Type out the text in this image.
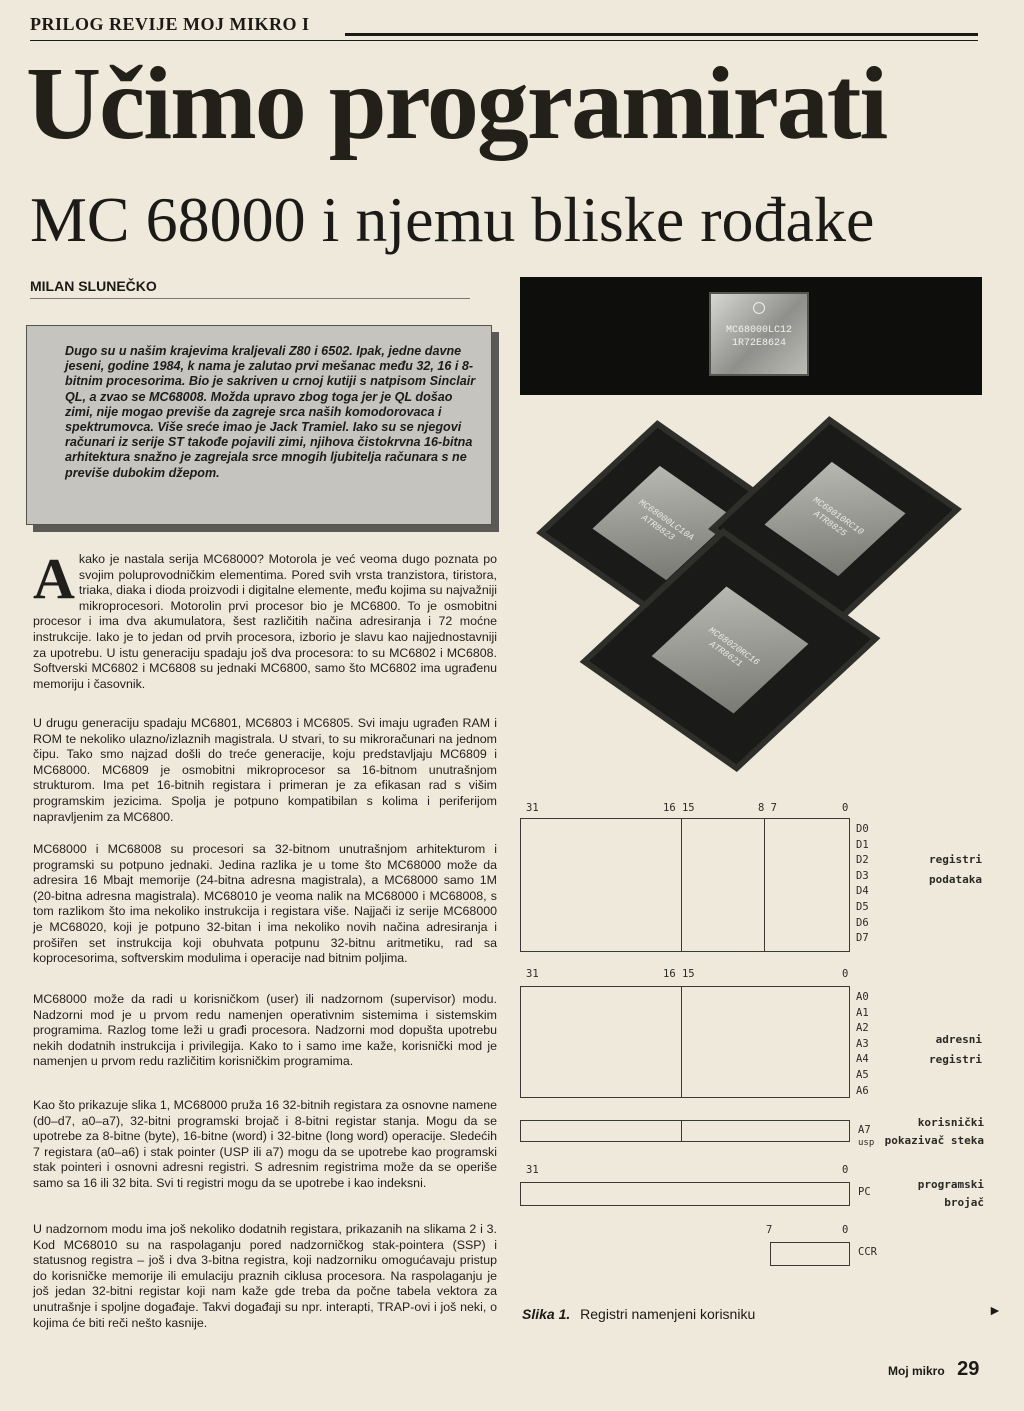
PRILOG REVIJE MOJ MIKRO I
Učimo programirati
MC 68000 i njemu bliske rođake
MILAN SLUNEČKO

Dugo su u našim krajevima kraljevali Z80 i 6502. Ipak, jedne davne jeseni, godine 1984, k nama je zalutao prvi mešanac među 32, 16 i 8-bitnim procesorima. Bio je sakriven u crnoj kutiji s natpisom Sinclair QL, a zvao se MC68008. Možda upravo zbog toga jer je QL došao zimi, nije mogao previše da zagreje srca naših komodorovaca i spektrumovca. Više sreće imao je Jack Tramiel. Iako su se njegovi računari iz serije ST takođe pojavili zimi, njihova čistokrvna 16-bitna arhitektura snažno je zagrejala srce mnogih ljubitelja računara s ne previše dubokim džepom.

Akako je nastala serija MC68000? Motorola je već veoma dugo poznata po svojim poluprovodničkim elementima. Pored svih vrsta tranzistora, tiristora, triaka, diaka i dioda proizvodi i digitalne elemente, među kojima su najvažniji mikroprocesori. Motorolin prvi procesor bio je MC6800. To je osmobitni procesor i ima dva akumulatora, šest različitih načina adresiranja i 72 moćne instrukcije. Iako je to jedan od prvih procesora, izborio je slavu kao najjednostavniji za upotrebu. U istu generaciju spadaju još dva procesora: to su MC6802 i MC6808. Softverski MC6802 i MC6808 su jednaki MC6800, samo što MC6802 ima ugrađenu memoriju i časovnik.

U drugu generaciju spadaju MC6801, MC6803 i MC6805. Svi imaju ugrađen RAM i ROM te nekoliko ulazno/izlaznih magistrala. U stvari, to su mikroračunari na jednom čipu. Tako smo najzad došli do treće generacije, koju predstavljaju MC6809 i MC68000. MC6809 je osmobitni mikroprocesor sa 16-bitnom unutrašnjom strukturom. Ima pet 16-bitnih registara i primeran je za efikasan rad s višim programskim jezicima. Spolja je potpuno kompatibilan s kolima i periferijom napravljenim za MC6800.

MC68000 i MC68008 su procesori sa 32-bitnom unutrašnjom arhitekturom i programski su potpuno jednaki. Jedina razlika je u tome što MC68000 može da adresira 16 Mbajt memorije (24-bitna adresna magistrala), a MC68000 samo 1M (20-bitna adresna magistrala). MC68010 je veoma nalik na MC68000 i MC68008, s tom razlikom što ima nekoliko instrukcija i registara više. Najjači iz serije MC68000 je MC68020, koji je potpuno 32-bitan i ima nekoliko novih načina adresiranja i prošiřen set instrukcija koji obuhvata potpunu 32-bitnu aritmetiku, rad sa koprocesorima, softverskim modulima i operacije nad bitnim poljima.

MC68000 može da radi u korisničkom (user) ili nadzornom (supervisor) modu. Nadzorni mod je u prvom redu namenjen operativnim sistemima i sistemskim programima. Razlog tome leži u građi procesora. Nadzorni mod dopušta upotrebu nekih dodatnih instrukcija i privilegija. Kako to i samo ime kaže, korisnički mod je namenjen u prvom redu različitim korisničkim programima.

Kao što prikazuje slika 1, MC68000 pruža 16 32-bitnih registara za osnovne namene (d0–d7, a0–a7), 32-bitni programski brojač i 8-bitni registar stanja. Mogu da se upotrebe za 8-bitne (byte), 16-bitne (word) i 32-bitne (long word) operacije. Sledećih 7 registara (a0–a6) i stak pointer (USP ili a7) mogu da se upotrebe kao programski stak pointeri i osnovni adresni registri. S adresnim registrima može da se operiše samo sa 16 ili 32 bita. Svi ti registri mogu da se upotrebe i kao indeksni.

U nadzornom modu ima još nekoliko dodatnih registara, prikazanih na slikama 2 i 3. Kod MC68010 su na raspolaganju pored nadzorničkog stak-pointera (SSP) i statusnog registra – još i dva 3-bitna registra, koji nadzorniku omogućavaju pristup do korisničke memorije ili emulaciju praznih ciklusa procesora. Na raspolaganju je još jedan 32-bitni registar koji nam kaže gde treba da počne tabela vektora za unutrašnje i spoljne događaje. Takvi događaji su npr. interapti, TRAP-ovi i još neki, o kojima će biti reči nešto kasnije.

MC68000LC12
1R72E8624
MC68000LC10A
ATR8823	MC68010RC10
ATR8825
MC68020RC16
ATR8621
31	16 15	8 7	0
D0
D1
D2
D3
D4
D5
D6
D7
registri
podataka
31	16 15	0
A0
A1
A2
A3
A4
A5
A6
adresni
registri
A7
usp
korisnički
pokazivač steka
31	0
PC
programski
brojač
7	0
CCR
Slika 1. Registri namenjeni korisniku	►
Moj mikro 29
